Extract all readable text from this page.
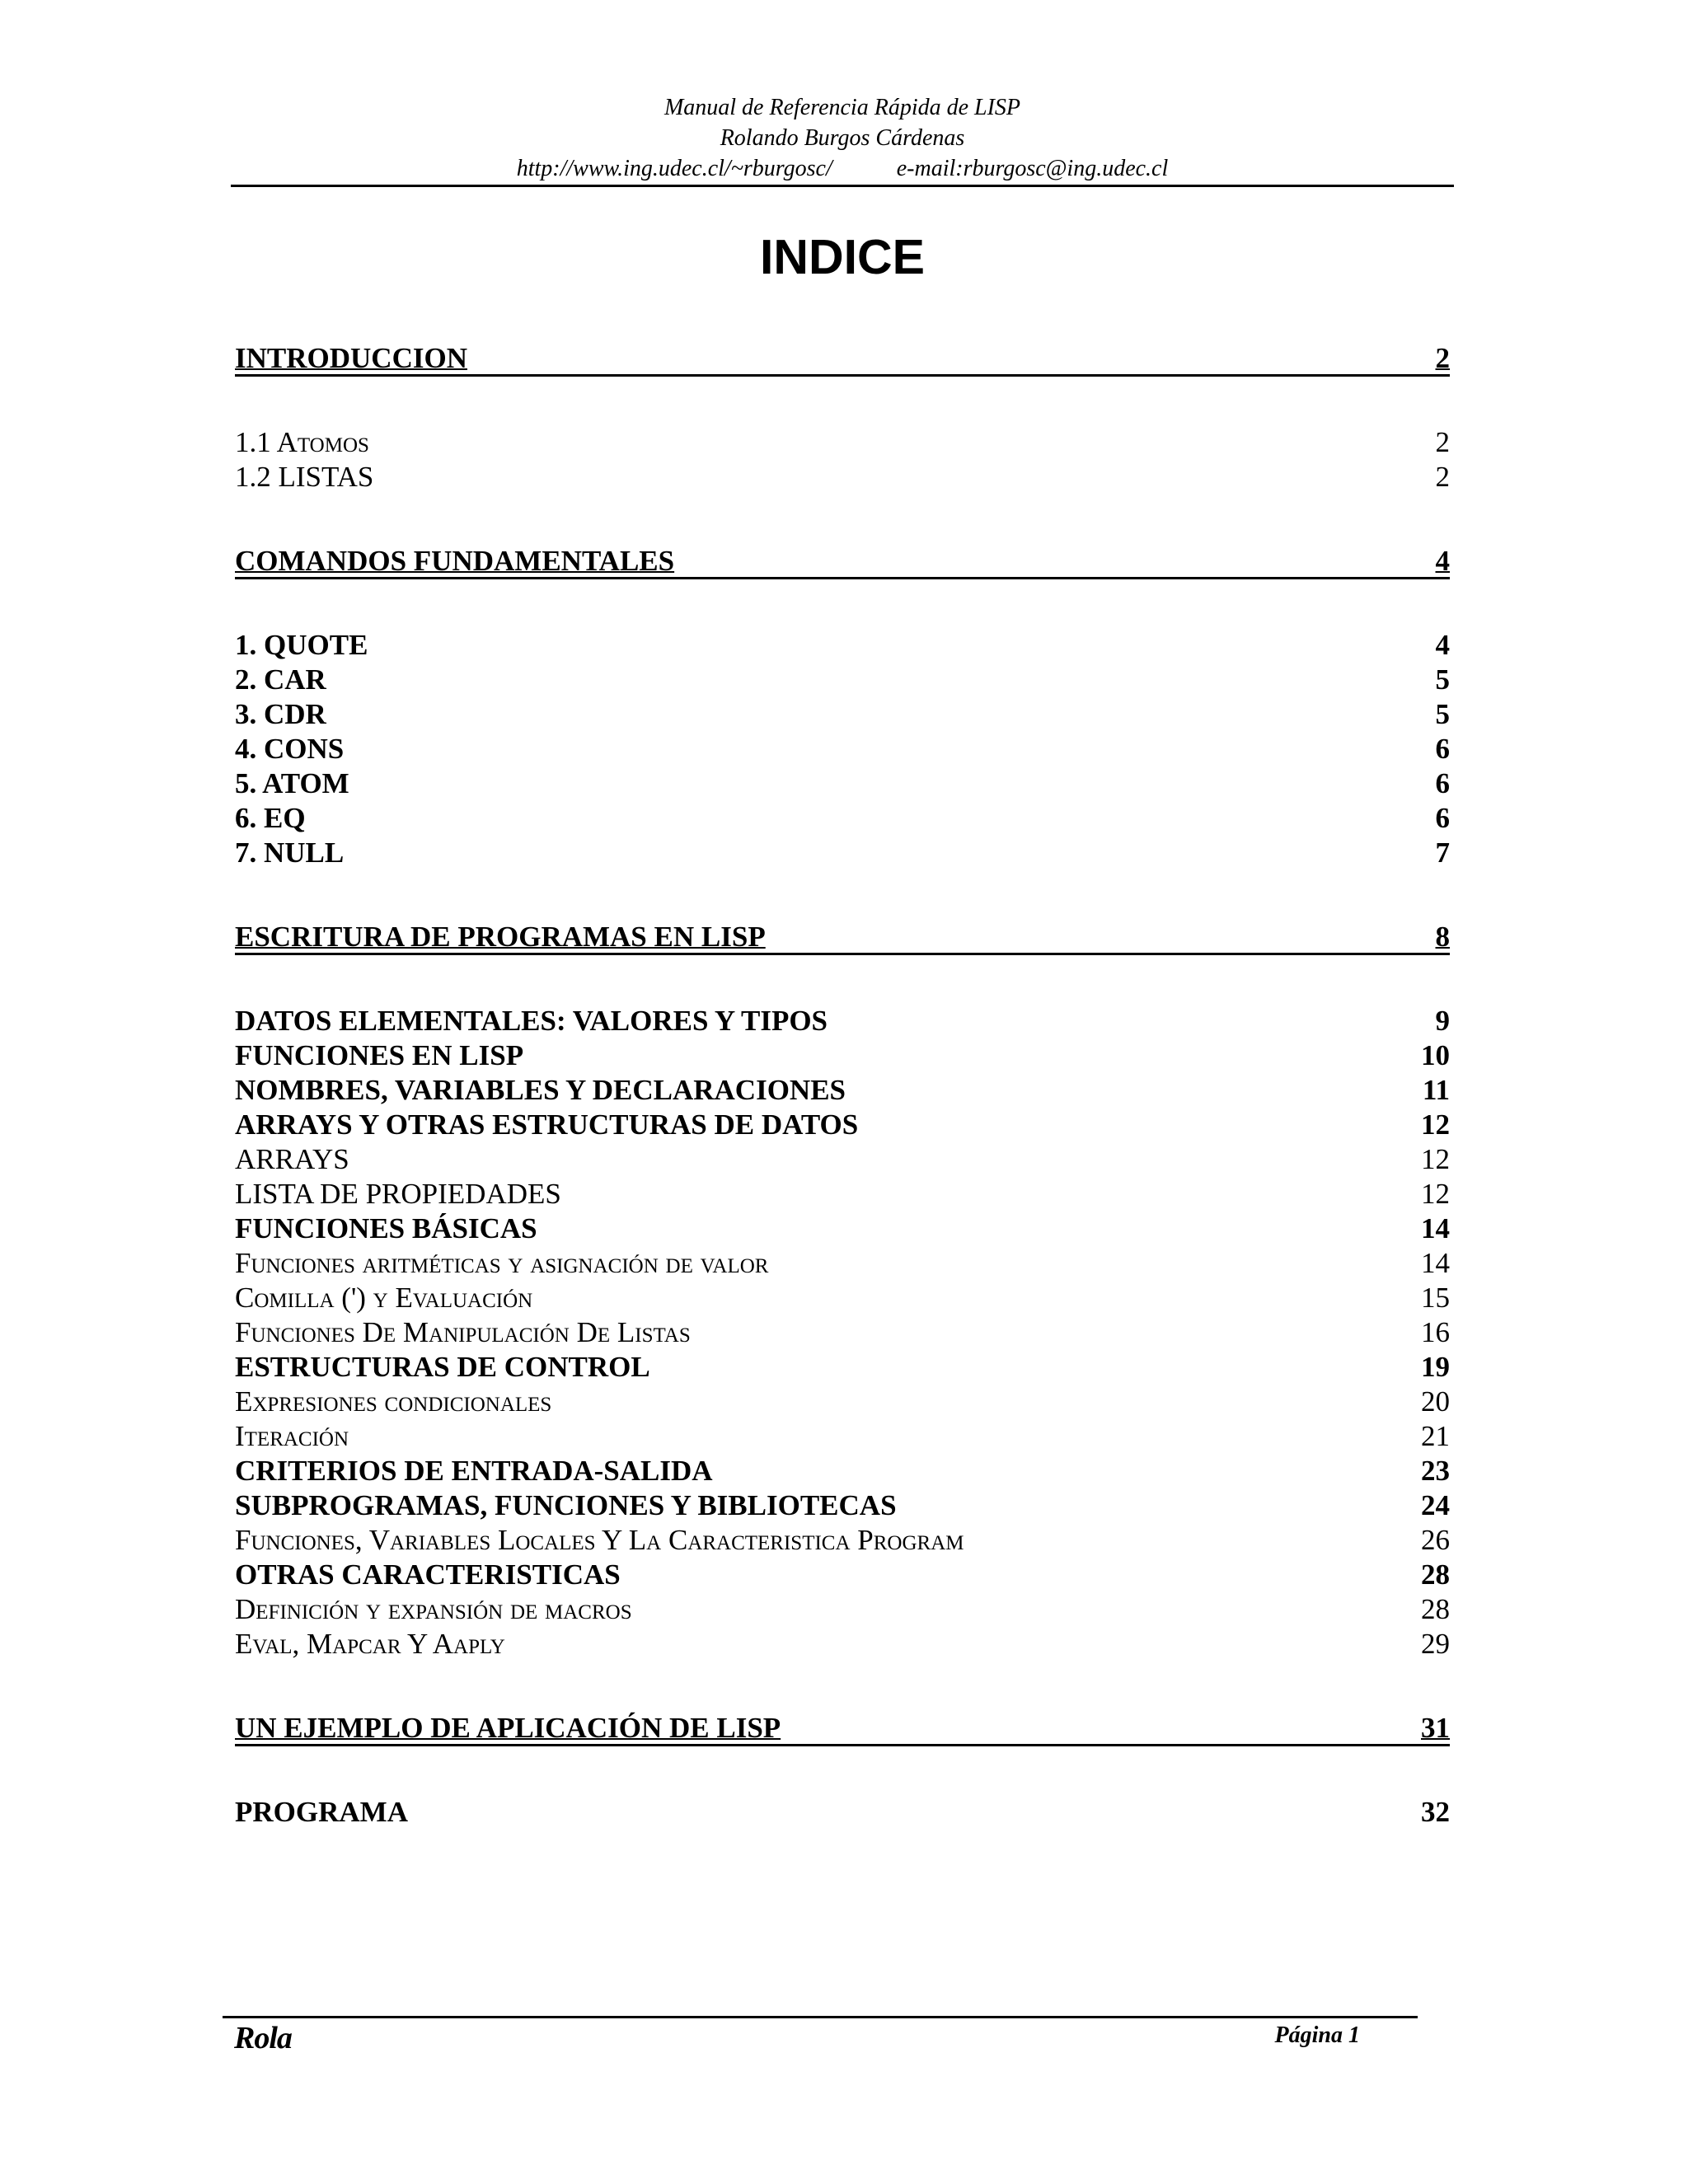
Manual de Referencia Rápida de LISP
Rolando Burgos Cárdenas
http://www.ing.udec.cl/~rburgosc/	e-mail:rburgosc@ing.udec.cl
INDICE
INTRODUCCION	2
1.1 Atomos	2
1.2 LISTAS	2
COMANDOS FUNDAMENTALES	4
1. QUOTE	4
2. CAR	5
3. CDR	5
4. CONS	6
5. ATOM	6
6. EQ	6
7. NULL	7
ESCRITURA DE PROGRAMAS EN LISP	8
DATOS ELEMENTALES: VALORES Y TIPOS	9
FUNCIONES EN LISP	10
NOMBRES, VARIABLES Y DECLARACIONES	11
ARRAYS Y OTRAS ESTRUCTURAS DE DATOS	12
ARRAYS	12
LISTA DE PROPIEDADES	12
FUNCIONES BÁSICAS	14
Funciones aritméticas y asignación de valor	14
Comilla (') y Evaluación	15
Funciones De Manipulación De Listas	16
ESTRUCTURAS DE CONTROL	19
Expresiones condicionales	20
Iteración	21
CRITERIOS DE ENTRADA-SALIDA	23
SUBPROGRAMAS, FUNCIONES Y BIBLIOTECAS	24
Funciones, Variables Locales Y La Caracteristica Program	26
OTRAS CARACTERISTICAS	28
Definición y expansión de macros	28
Eval, Mapcar Y Aaply	29
UN EJEMPLO DE APLICACIÓN DE LISP	31
PROGRAMA	32
Rola	Página 1
